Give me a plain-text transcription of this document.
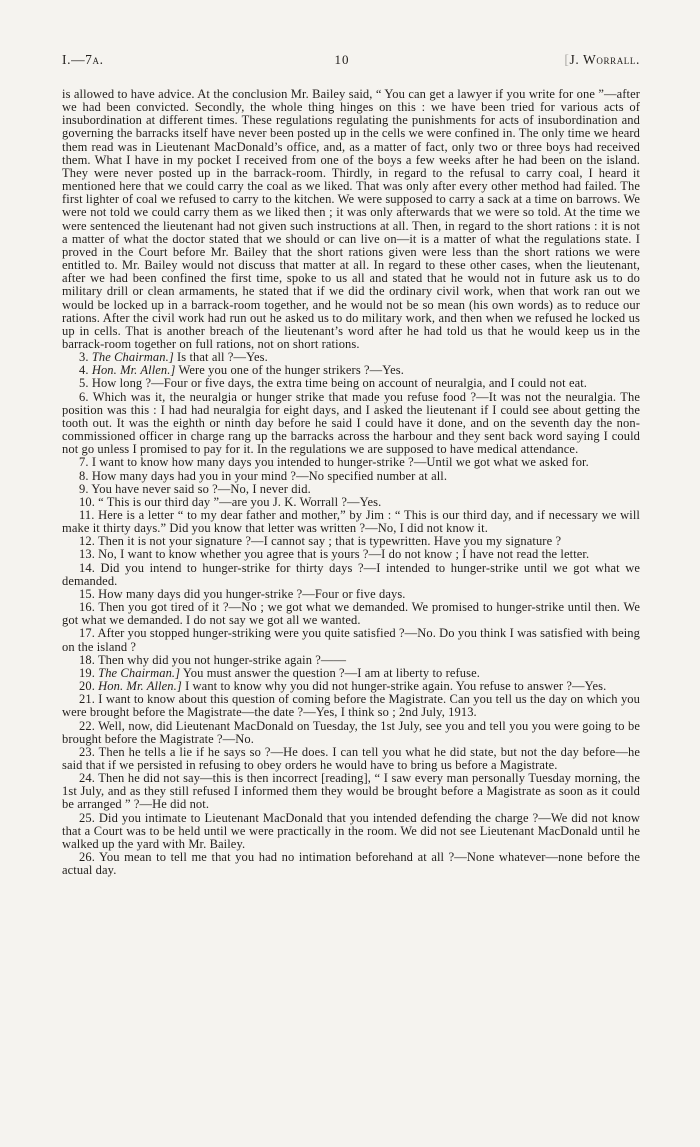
I.—7a.	10	[J. Worrall.

is allowed to have advice. At the conclusion Mr. Bailey said, “ You can get a lawyer if you write for one ”—after we had been convicted. Secondly, the whole thing hinges on this : we have been tried for various acts of insubordination at different times. These regulations regulating the punishments for acts of insubordination and governing the barracks itself have never been posted up in the cells we were confined in. The only time we heard them read was in Lieutenant MacDonald’s office, and, as a matter of fact, only two or three boys had received them. What I have in my pocket I received from one of the boys a few weeks after he had been on the island. They were never posted up in the barrack-room. Thirdly, in regard to the refusal to carry coal, I heard it mentioned here that we could carry the coal as we liked. That was only after every other method had failed. The first lighter of coal we refused to carry to the kitchen. We were supposed to carry a sack at a time on barrows. We were not told we could carry them as we liked then ; it was only afterwards that we were so told. At the time we were sentenced the lieutenant had not given such instructions at all. Then, in regard to the short rations : it is not a matter of what the doctor stated that we should or can live on—it is a matter of what the regulations state. I proved in the Court before Mr. Bailey that the short rations given were less than the short rations we were entitled to. Mr. Bailey would not discuss that matter at all. In regard to these other cases, when the lieutenant, after we had been confined the first time, spoke to us all and stated that he would not in future ask us to do military drill or clean armaments, he stated that if we did the ordinary civil work, when that work ran out we would be locked up in a barrack-room together, and he would not be so mean (his own words) as to reduce our rations. After the civil work had run out he asked us to do military work, and then when we refused he locked us up in cells. That is another breach of the lieutenant’s word after he had told us that he would keep us in the barrack-room together on full rations, not on short rations.

3. The Chairman.] Is that all ?—Yes.

4. Hon. Mr. Allen.] Were you one of the hunger strikers ?—Yes.

5. How long ?—Four or five days, the extra time being on account of neuralgia, and I could not eat.

6. Which was it, the neuralgia or hunger strike that made you refuse food ?—It was not the neuralgia. The position was this : I had had neuralgia for eight days, and I asked the lieutenant if I could see about getting the tooth out. It was the eighth or ninth day before he said I could have it done, and on the seventh day the non-commissioned officer in charge rang up the barracks across the harbour and they sent back word saying I could not go unless I promised to pay for it. In the regulations we are supposed to have medical attendance.

7. I want to know how many days you intended to hunger-strike ?—Until we got what we asked for.

8. How many days had you in your mind ?—No specified number at all.

9. You have never said so ?—No, I never did.

10. “ This is our third day ”—are you J. K. Worrall ?—Yes.

11. Here is a letter “ to my dear father and mother,” by Jim : “ This is our third day, and if necessary we will make it thirty days.” Did you know that letter was written ?—No, I did not know it.

12. Then it is not your signature ?—I cannot say ; that is typewritten. Have you my signature ?

13. No, I want to know whether you agree that is yours ?—I do not know ; I have not read the letter.

14. Did you intend to hunger-strike for thirty days ?—I intended to hunger-strike until we got what we demanded.

15. How many days did you hunger-strike ?—Four or five days.

16. Then you got tired of it ?—No ; we got what we demanded. We promised to hunger-strike until then. We got what we demanded. I do not say we got all we wanted.

17. After you stopped hunger-striking were you quite satisfied ?—No. Do you think I was satisfied with being on the island ?

18. Then why did you not hunger-strike again ?——

19. The Chairman.] You must answer the question ?—I am at liberty to refuse.

20. Hon. Mr. Allen.] I want to know why you did not hunger-strike again. You refuse to answer ?—Yes.

21. I want to know about this question of coming before the Magistrate. Can you tell us the day on which you were brought before the Magistrate—the date ?—Yes, I think so ; 2nd July, 1913.

22. Well, now, did Lieutenant MacDonald on Tuesday, the 1st July, see you and tell you you were going to be brought before the Magistrate ?—No.

23. Then he tells a lie if he says so ?—He does. I can tell you what he did state, but not the day before—he said that if we persisted in refusing to obey orders he would have to bring us before a Magistrate.

24. Then he did not say—this is then incorrect [reading], “ I saw every man personally Tuesday morning, the 1st July, and as they still refused I informed them they would be brought before a Magistrate as soon as it could be arranged ” ?—He did not.

25. Did you intimate to Lieutenant MacDonald that you intended defending the charge ?—We did not know that a Court was to be held until we were practically in the room. We did not see Lieutenant MacDonald until he walked up the yard with Mr. Bailey.

26. You mean to tell me that you had no intimation beforehand at all ?—None whatever—none before the actual day.
